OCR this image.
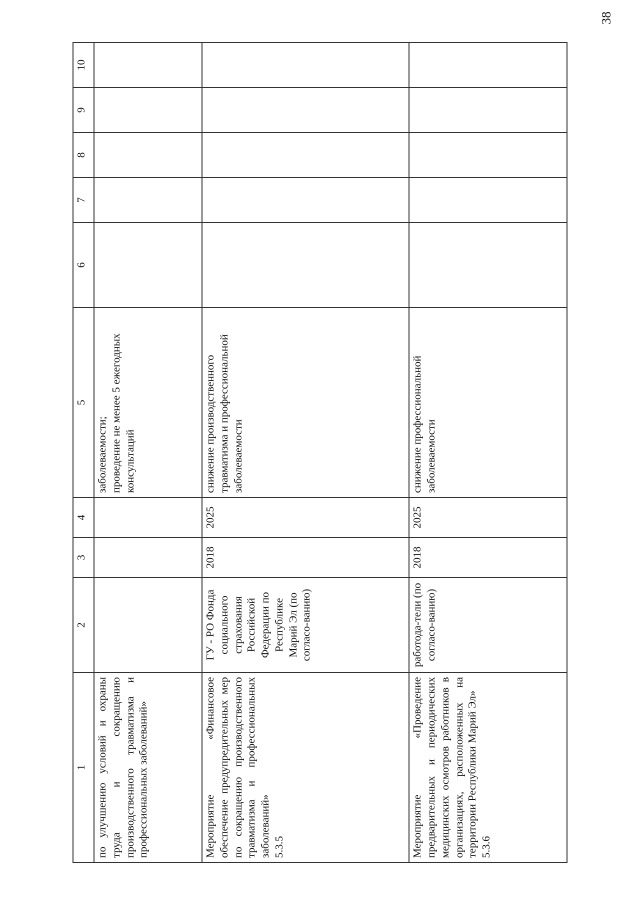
38
1	2	3	4	5	6	7	8	9	10
по улучшению условий и охраны труда и сокращению производственного травматизма и профессиональных заболеваний»				заболеваемости; проведение не менее 5 ежегодных консультаций					

Мероприятие «Финансовое обеспечение предупредительных мер по сокращению производственного травматизма и профессиональных заболеваний» 5.3.5	ГУ - РО Фонда социального страхования Российской Федерации по Республике Марий Эл (по согласо-ванию)	2018	2025	снижение производственного травматизма и профессиональной заболеваемости					

Мероприятие «Проведение предварительных и периодических медицинских осмотров работников в организациях, расположенных на территории Республики Марий Эл» 5.3.6	работода-тели (по согласо-ванию)	2018	2025	снижение профессиональной заболеваемости					
